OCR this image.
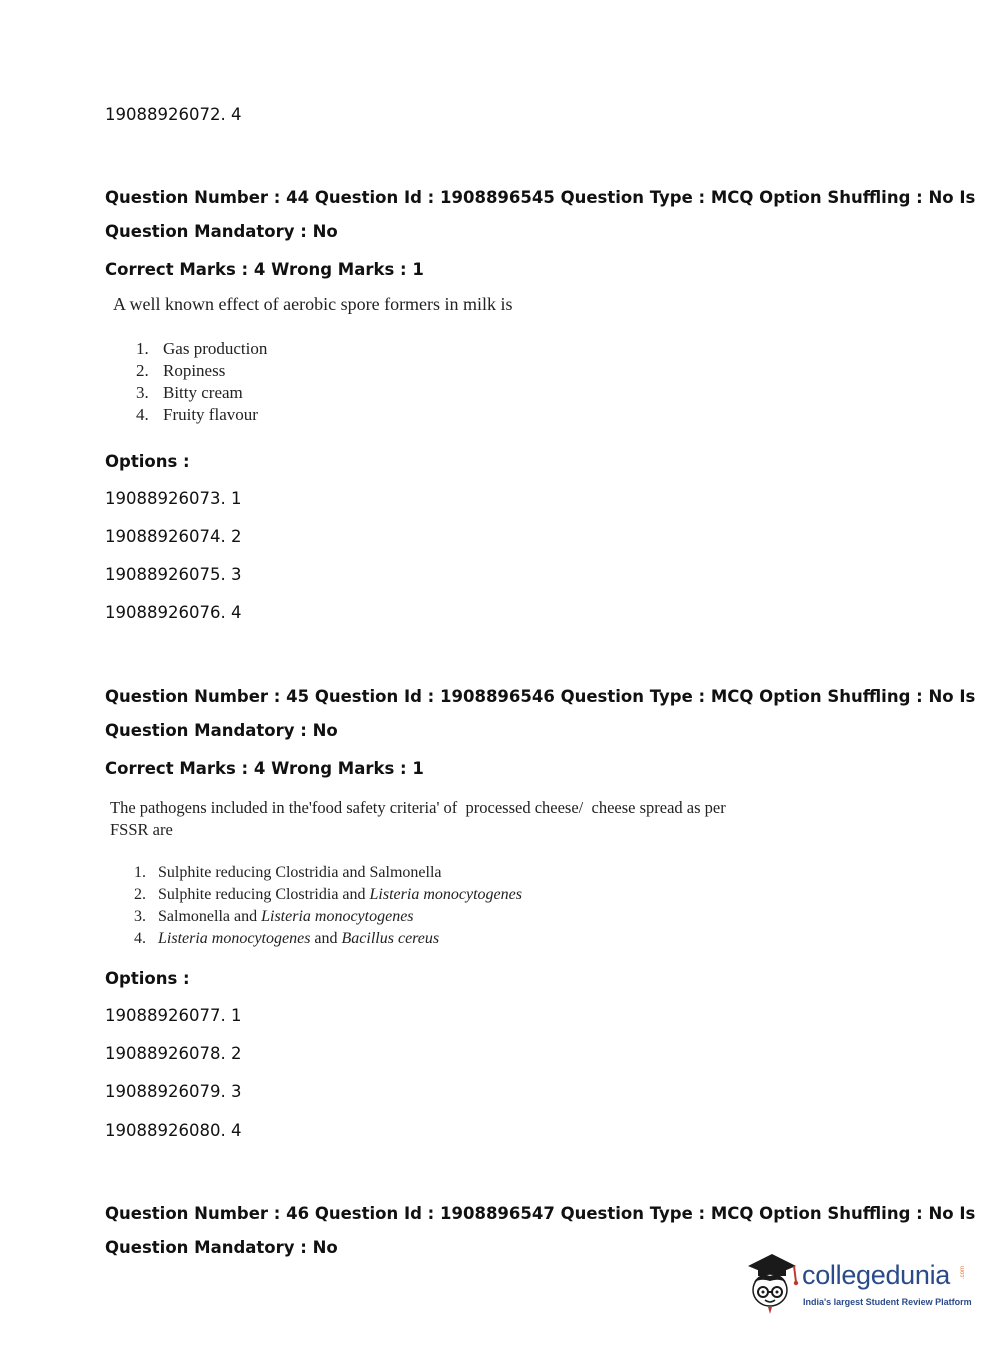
19088926072. 4
Question Number : 44 Question Id : 1908896545 Question Type : MCQ Option Shuffling : No Is
Question Mandatory : No
Correct Marks : 4 Wrong Marks : 1
A well known effect of aerobic spore formers in milk is
1. Gas production
2. Ropiness
3. Bitty cream
4. Fruity flavour
Options :
19088926073. 1
19088926074. 2
19088926075. 3
19088926076. 4
Question Number : 45 Question Id : 1908896546 Question Type : MCQ Option Shuffling : No Is
Question Mandatory : No
Correct Marks : 4 Wrong Marks : 1
The pathogens included in the'food safety criteria' of  processed cheese/  cheese spread as per
FSSR are
1. Sulphite reducing Clostridia and Salmonella
2. Sulphite reducing Clostridia and Listeria monocytogenes
3. Salmonella and Listeria monocytogenes
4. Listeria monocytogenes and Bacillus cereus
Options :
19088926077. 1
19088926078. 2
19088926079. 3
19088926080. 4
Question Number : 46 Question Id : 1908896547 Question Type : MCQ Option Shuffling : No Is
Question Mandatory : No
collegedunia .com
India's largest Student Review Platform
